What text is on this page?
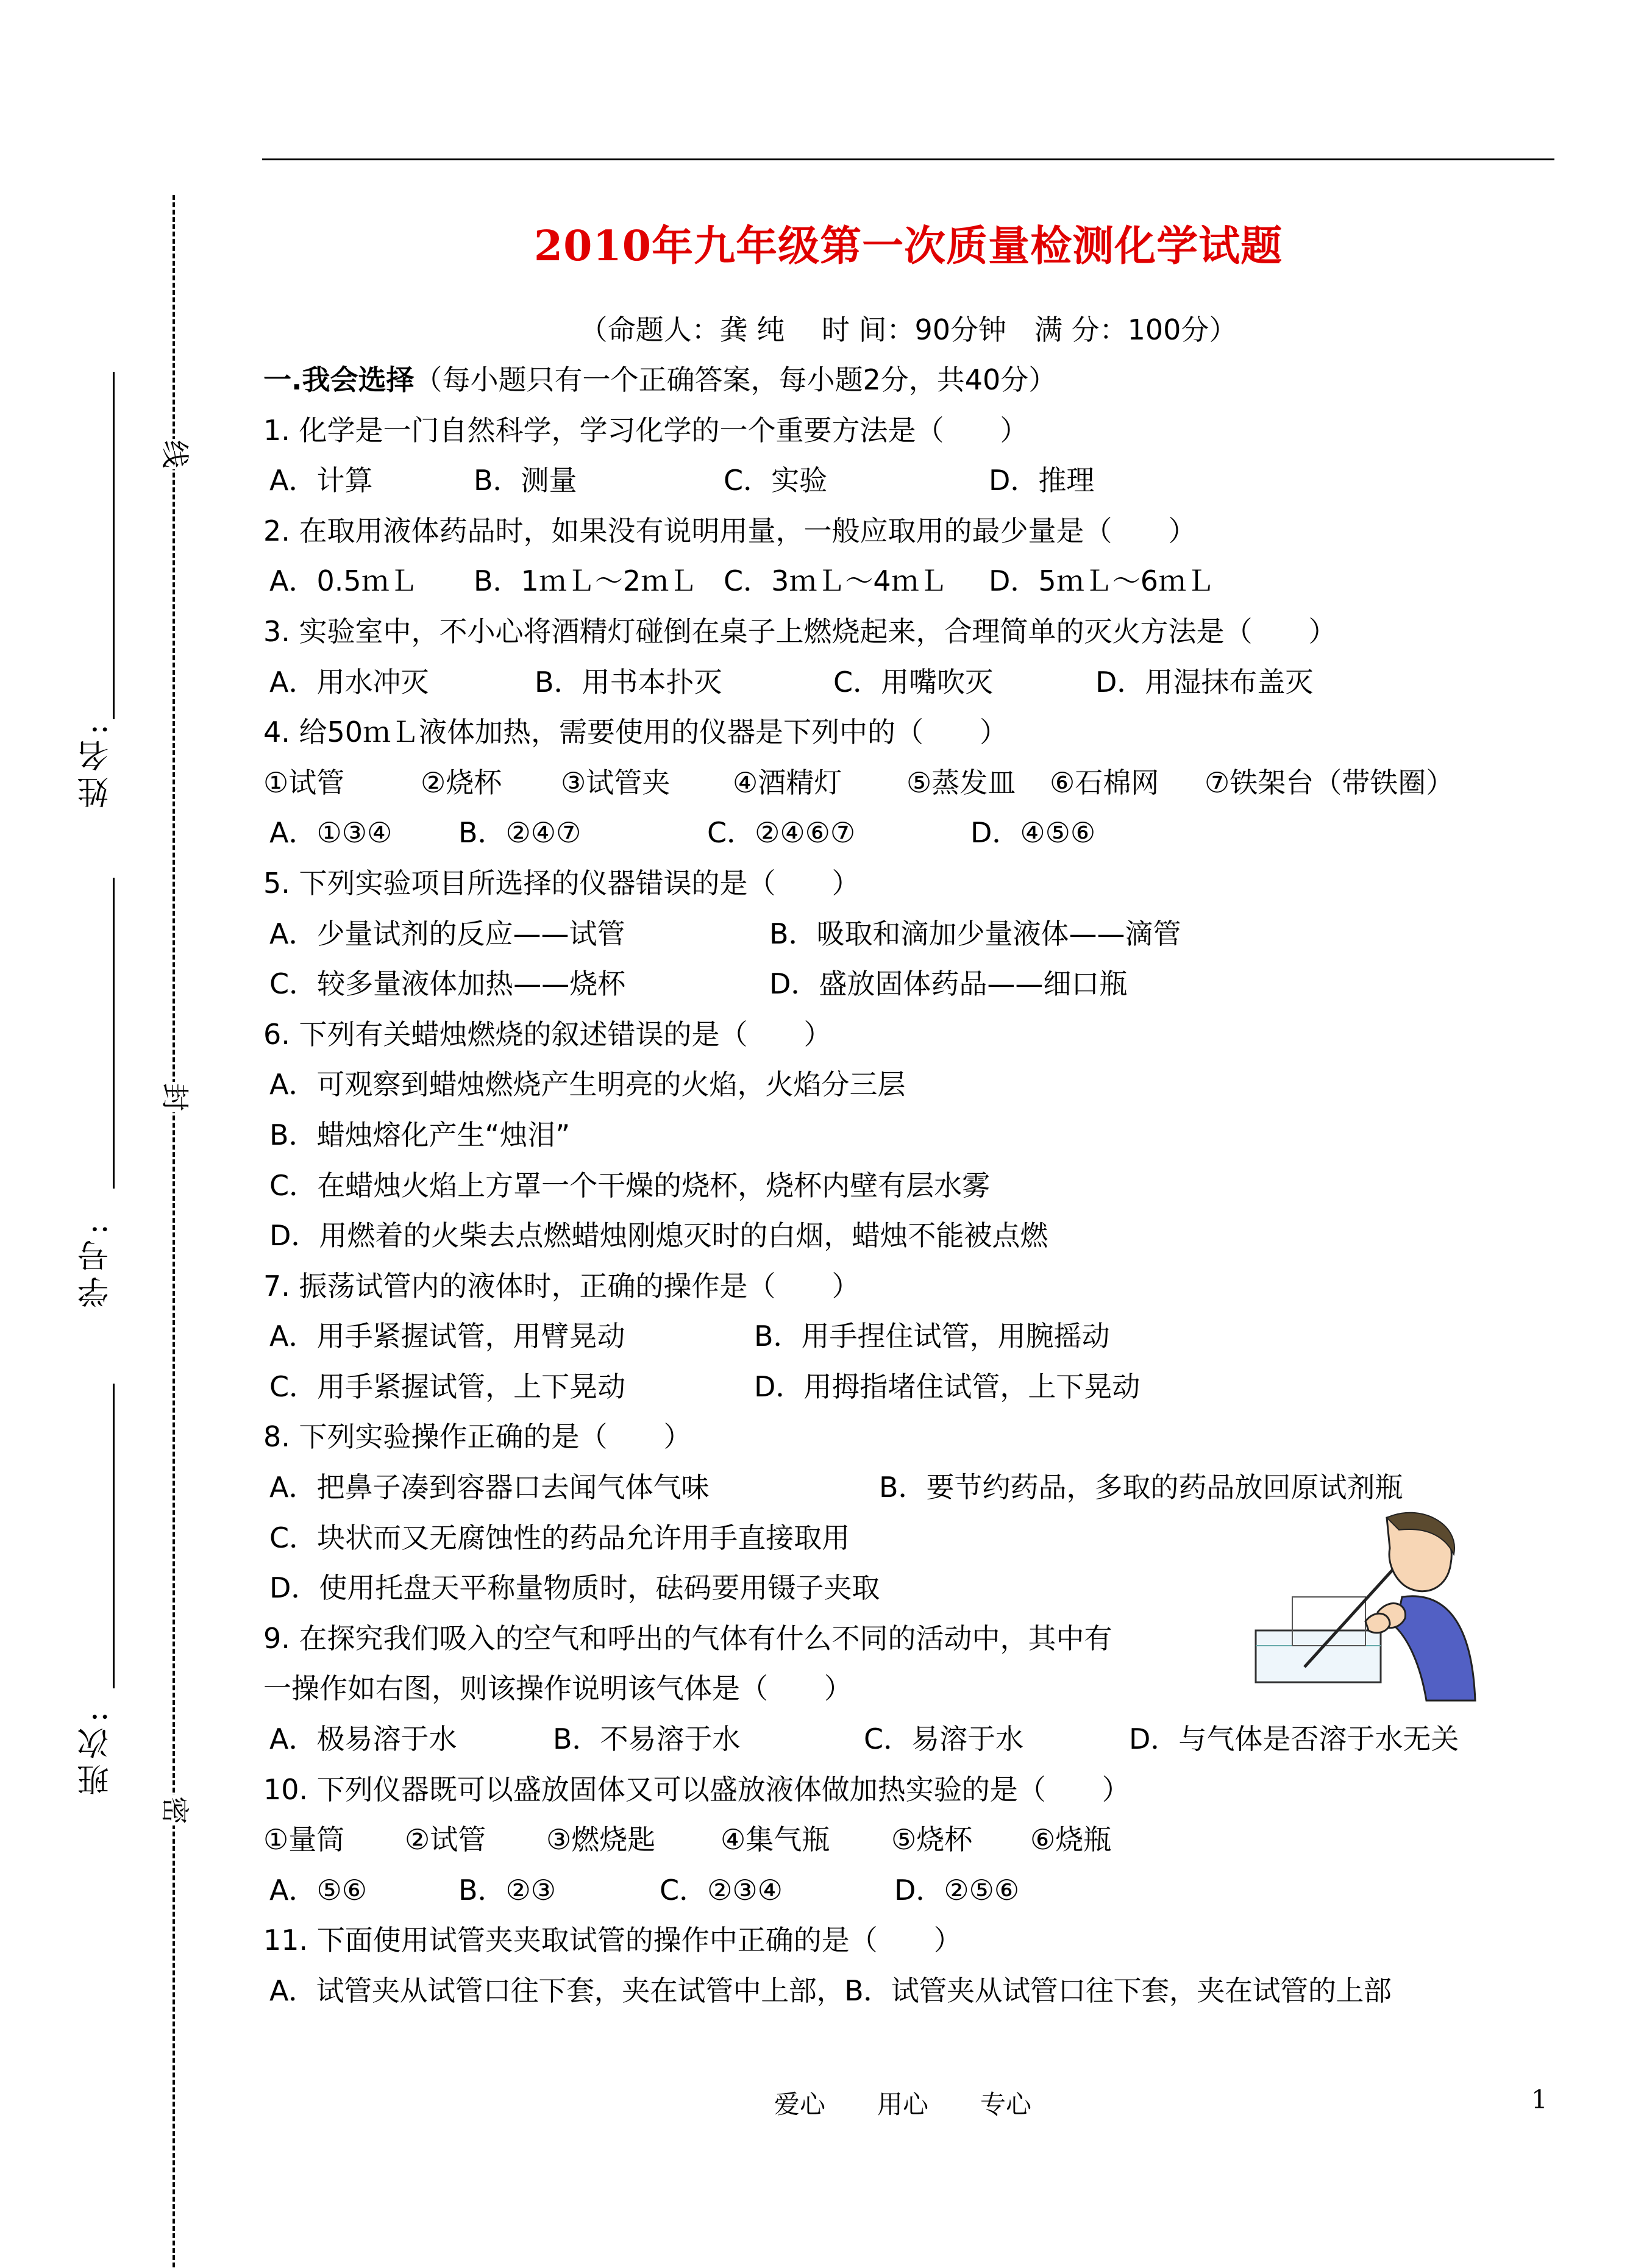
姓名:
学号:
班次:
线
封
密
2010年九年级第一次质量检测化学试题
（命题人：龚 纯　 时 间：90分钟　满 分：100分）
一.我会选择（每小题只有一个正确答案，每小题2分，共40分）
1. 化学是一门自然科学，学习化学的一个重要方法是（　　）
A．计算	B．测量	C．实验	D．推理
2. 在取用液体药品时，如果没有说明用量，一般应取用的最少量是（　　）
A．0.5ｍＬ B．1ｍＬ～2ｍＬ C．3ｍＬ～4ｍＬ D．5ｍＬ～6ｍＬ
3. 实验室中，不小心将酒精灯碰倒在桌子上燃烧起来，合理简单的灭火方法是（　　）
A．用水冲灭	B．用书本扑灭	C．用嘴吹灭	D．用湿抹布盖灭
4. 给50ｍＬ液体加热，需要使用的仪器是下列中的（　　）
①试管	②烧杯 ③试管夹 ④酒精灯 ⑤蒸发皿 ⑥石棉网 ⑦铁架台（带铁圈）
A．①③④ B．②④⑦	C．②④⑥⑦	D．④⑤⑥
5. 下列实验项目所选择的仪器错误的是（　　）
A．少量试剂的反应——试管	B．吸取和滴加少量液体——滴管
C．较多量液体加热——烧杯	D．盛放固体药品——细口瓶
6. 下列有关蜡烛燃烧的叙述错误的是（　　）
A．可观察到蜡烛燃烧产生明亮的火焰，火焰分三层
B．蜡烛熔化产生“烛泪”
C．在蜡烛火焰上方罩一个干燥的烧杯，烧杯内壁有层水雾
D．用燃着的火柴去点燃蜡烛刚熄灭时的白烟，蜡烛不能被点燃
7. 振荡试管内的液体时，正确的操作是（　　）
A．用手紧握试管，用臂晃动	B．用手捏住试管，用腕摇动
C．用手紧握试管，上下晃动	D．用拇指堵住试管，上下晃动
8. 下列实验操作正确的是（　　）
A．把鼻子凑到容器口去闻气体气味	B．要节约药品，多取的药品放回原试剂瓶
C．块状而又无腐蚀性的药品允许用手直接取用
D．使用托盘天平称量物质时，砝码要用镊子夹取
9. 在探究我们吸入的空气和呼出的气体有什么不同的活动中，其中有
一操作如右图，则该操作说明该气体是（　　）
A．极易溶于水	B．不易溶于水	C．易溶于水	D．与气体是否溶于水无关
10. 下列仪器既可以盛放固体又可以盛放液体做加热实验的是（　　）
①量筒 ②试管 ③燃烧匙 ④集气瓶 ⑤烧杯 ⑥烧瓶
A．⑤⑥	B．②③	C．②③④	D．②⑤⑥
11. 下面使用试管夹夹取试管的操作中正确的是（　　）
A．试管夹从试管口往下套，夹在试管中上部，B．试管夹从试管口往下套，夹在试管的上部
爱心 用心 专心	1
